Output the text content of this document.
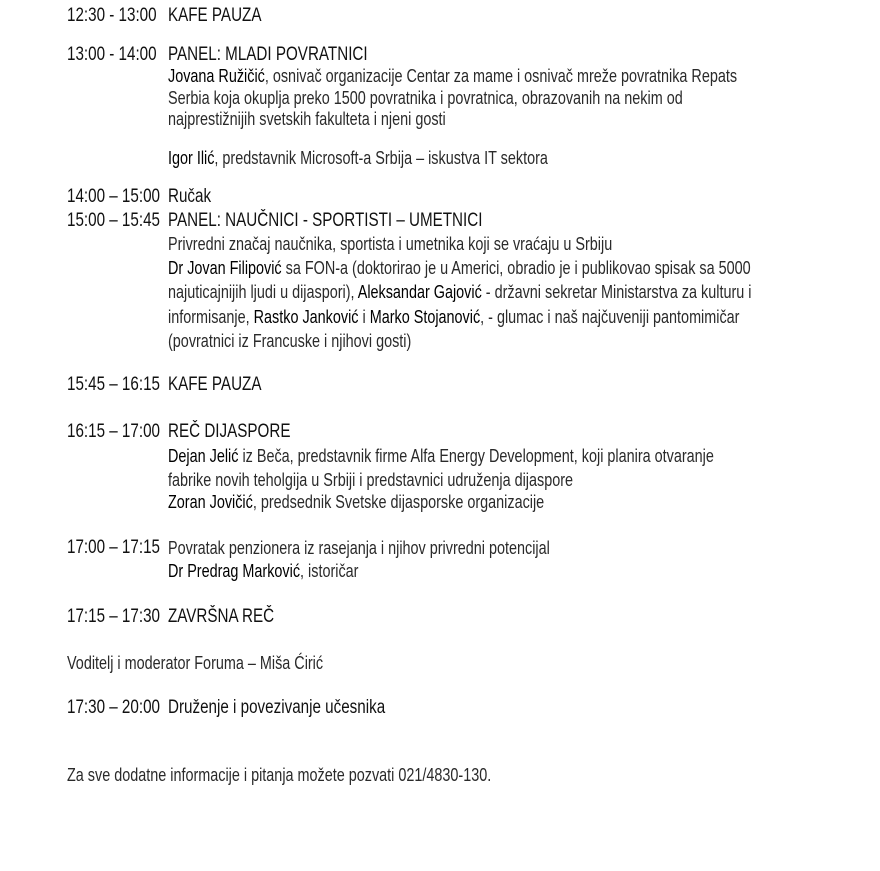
12:30 - 13:00 KAFE PAUZA
13:00 - 14:00 PANEL: MLADI POVRATNICI
Jovana Ružičić, osnivač organizacije Centar za mame i osnivač mreže povratnika Repats
Serbia koja okuplja preko 1500 povratnika i povratnica, obrazovanih na nekim od
najprestižnijih svetskih fakulteta i njeni gosti
Igor Ilić, predstavnik Microsoft-a Srbija – iskustva IT sektora
14:00 – 15:00 Ručak
15:00 – 15:45 PANEL: NAUČNICI - SPORTISTI – UMETNICI
Privredni značaj naučnika, sportista i umetnika koji se vraćaju u Srbiju
Dr Jovan Filipović sa FON-a (doktorirao je u Americi, obradio je i publikovao spisak sa 5000
najuticajnijih ljudi u dijaspori), Aleksandar Gajović - državni sekretar Ministarstva za kulturu i
informisanje, Rastko Janković i Marko Stojanović, - glumac i naš najčuveniji pantomimičar
(povratnici iz Francuske i njihovi gosti)
15:45 – 16:15 KAFE PAUZA
16:15 – 17:00 REČ DIJASPORE
Dejan Jelić iz Beča, predstavnik firme Alfa Energy Development, koji planira otvaranje
fabrike novih teholgija u Srbiji i predstavnici udruženja dijaspore
Zoran Jovičić, predsednik Svetske dijasporske organizacije
17:00 – 17:15 Povratak penzionera iz rasejanja i njihov privredni potencijal
Dr Predrag Marković, istoričar
17:15 – 17:30 ZAVRŠNA REČ
Voditelj i moderator Foruma – Miša Ćirić
17:30 – 20:00 Druženje i povezivanje učesnika
Za sve dodatne informacije i pitanja možete pozvati 021/4830-130.
